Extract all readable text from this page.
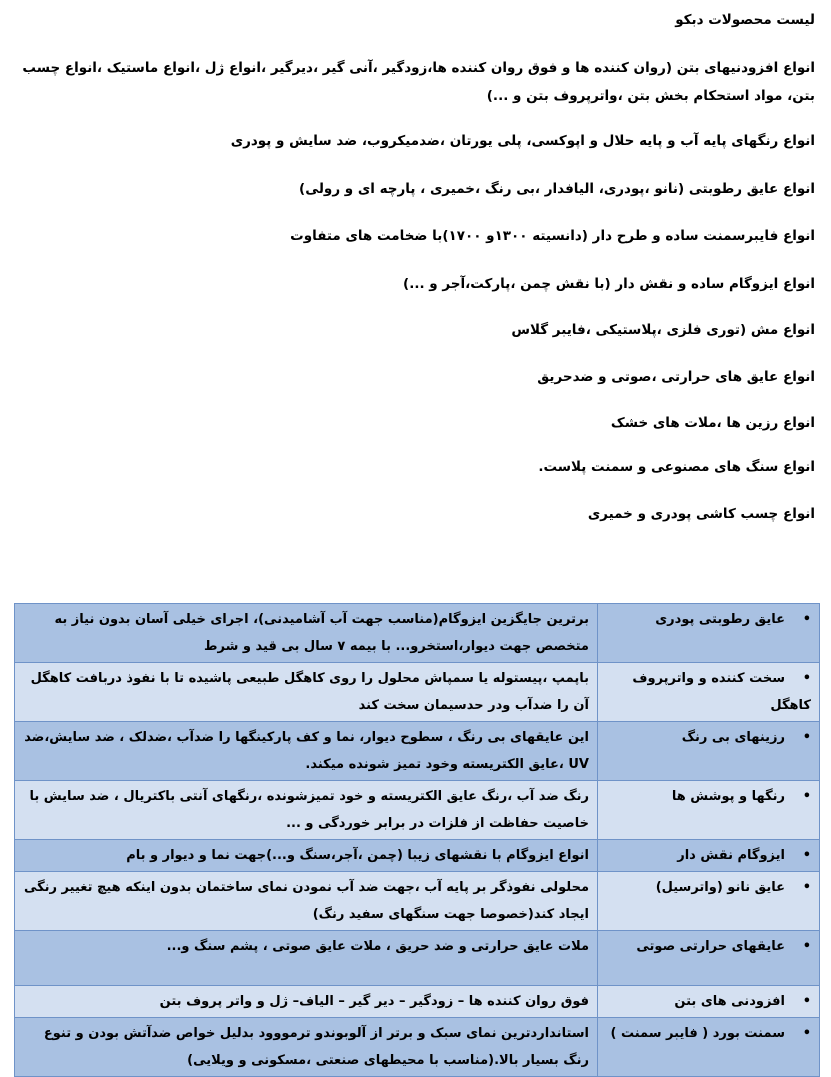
لیست محصولات دبکو

انواع افزودنیهای بتن (روان کننده ها و فوق روان کننده ها،زودگیر ،آنی گیر ،دیرگیر ،انواع ژل ،انواع ماستیک ،انواع چسب بتن، مواد استحکام بخش بتن ،واترپروف بتن و ...)

انواع رنگهای پایه آب و پایه حلال و اپوکسی، پلی یورتان ،ضدمیکروب، ضد سایش و پودری

انواع عایق رطوبتی (نانو ،پودری، الیافدار ،بی رنگ ،خمیری ، پارچه ای و رولی)

انواع فایبرسمنت ساده و طرح دار (دانسیته ۱۳۰۰و ۱۷۰۰)با ضخامت های متفاوت

انواع ایزوگام ساده و نقش دار (با نقش چمن ،پارکت،آجر و ...)

انواع مش (توری فلزی ،پلاستیکی ،فایبر گلاس

انواع عایق های حرارتی ،صوتی و ضدحریق

انواع رزین ها ،ملات های خشک

انواع سنگ های مصنوعی و سمنت پلاست.

انواع چسب کاشی پودری و خمیری

•عایق رطوبتی پودری	برترین جایگزین ایزوگام(مناسب جهت آب آشامیدنی)، اجرای خیلی آسان بدون نیاز به متخصص جهت دیوار،استخرو... با بیمه ۷ سال بی قید و شرط
•سخت کننده و واترپروف کاهگل	باپمپ ،پیستوله یا سمپاش محلول را روی کاهگل طبیعی پاشیده تا با نفوذ دربافت کاهگل آن را ضدآب ودر حدسیمان سخت کند
•رزینهای بی رنگ	این عایقهای بی رنگ ، سطوح دیوار، نما و کف پارکینگها را ضدآب ،ضدلک ، ضد سایش،ضد UV ،عایق الکتریسته وخود تمیز شونده میکند.
•رنگها و پوشش ها	رنگ ضد آب ،رنگ عایق الکتریسته و خود تمیزشونده ،رنگهای آنتی باکتریال ، ضد سایش با خاصیت حفاظت از فلزات در برابر خوردگی و ...
•ایزوگام نقش دار	انواع ایزوگام با نقشهای زیبا (چمن ،آجر،سنگ و...)جهت نما و دیوار و بام
•عایق نانو (واترسیل)	محلولی نفوذگر بر پایه آب ،جهت ضد آب نمودن نمای ساختمان بدون اینکه هیچ تغییر رنگی ایجاد کند(خصوصا جهت سنگهای سفید رنگ)
•عایقهای حرارتی صوتی	ملات عایق حرارتی و ضد حریق ، ملات عایق صوتی ، پشم سنگ و...
•افزودنی های بتن	فوق روان کننده ها – زودگیر – دیر گیر – الیاف– ژل و واتر پروف بتن
•سمنت بورد ( فایبر سمنت )	استانداردترین نمای سبک و برتر از آلوبوندو ترمووود بدلیل خواص ضدآتش بودن و تنوع رنگ بسیار بالا.(مناسب با محیطهای صنعتی ،مسکونی و ویلایی)
